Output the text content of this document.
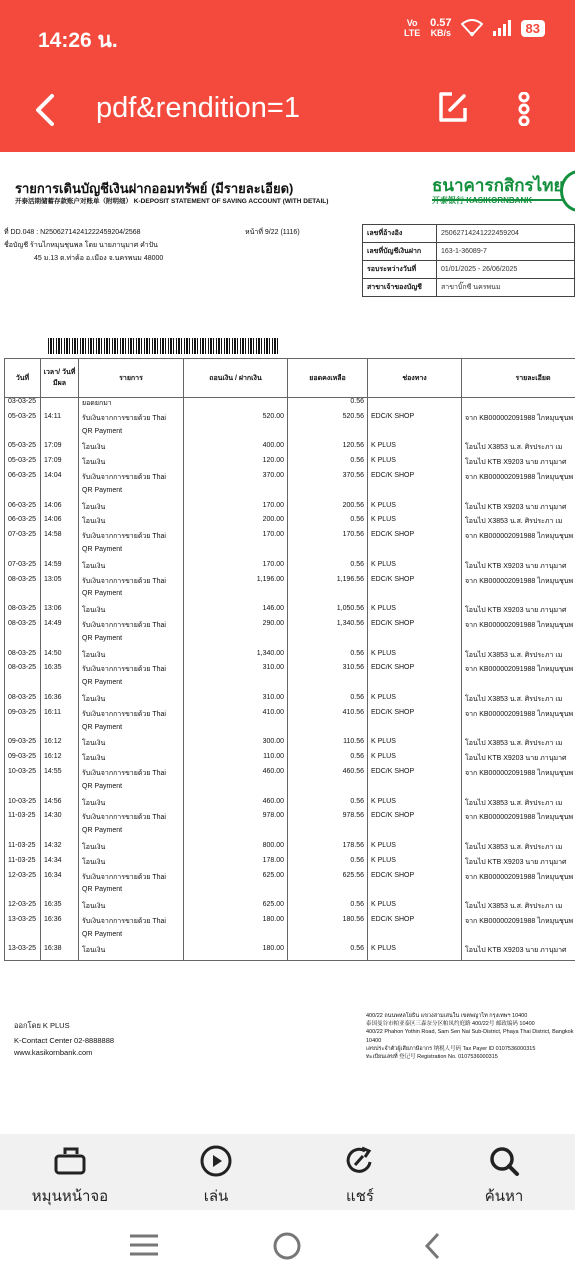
14:26 น.
Vo LTE
0.57
KB/s	83
pdf&rendition=1
รายการเดินบัญชีเงินฝากออมทรัพย์ (มีรายละเอียด)
开泰活期储蓄存款账户对账单（附明细） K-DEPOSIT STATEMENT OF SAVING ACCOUNT (WITH DETAIL)
ธนาคารกสิกรไทย
开泰银行 KASIKORNBANK
ที่ DD.048 : N25062714241222459204/2568
ชื่อบัญชี ร้านไกหมุนชุนพล โดย นายภานุมาศ คำปัน
45 ม.13 ต.ท่าค้อ อ.เมือง จ.นครพนม 48000
หน้าที่ 9/22 (1116)	เลขที่อ้างอิง	25062714241222459204
เลขที่บัญชีเงินฝาก	163-1-36089-7
รอบระหว่างวันที่	01/01/2025 - 26/06/2025
สาขาเจ้าของบัญชี	สาขาบิ๊กซี นครพนม
วันที่	เวลา/ วันที่มีผล	รายการ	ถอนเงิน / ฝากเงิน	ยอดคงเหลือ	ช่องทาง	รายละเอียด
03-03-25		ยอดยกมา		0.56		
05-03-25	14:11	รับเงินจากการขายด้วย Thai	520.00	520.56	EDC/K SHOP	จาก KB000002091988 ไกหมุนชุนพ
		QR Payment				
05-03-25	17:09	โอนเงิน	400.00	120.56	K PLUS	โอนไป X3853 น.ส. ศิรประภา เม
05-03-25	17:09	โอนเงิน	120.00	0.56	K PLUS	โอนไป KTB X9203 นาย ภานุมาศ
06-03-25	14:04	รับเงินจากการขายด้วย Thai	370.00	370.56	EDC/K SHOP	จาก KB000002091988 ไกหมุนชุนพ
		QR Payment				
06-03-25	14:06	โอนเงิน	170.00	200.56	K PLUS	โอนไป KTB X9203 นาย ภานุมาศ
06-03-25	14:06	โอนเงิน	200.00	0.56	K PLUS	โอนไป X3853 น.ส. ศิรประภา เม
07-03-25	14:58	รับเงินจากการขายด้วย Thai	170.00	170.56	EDC/K SHOP	จาก KB000002091988 ไกหมุนชุนพ
		QR Payment				
07-03-25	14:59	โอนเงิน	170.00	0.56	K PLUS	โอนไป KTB X9203 นาย ภานุมาศ
08-03-25	13:05	รับเงินจากการขายด้วย Thai	1,196.00	1,196.56	EDC/K SHOP	จาก KB000002091988 ไกหมุนชุนพ
		QR Payment				
08-03-25	13:06	โอนเงิน	146.00	1,050.56	K PLUS	โอนไป KTB X9203 นาย ภานุมาศ
08-03-25	14:49	รับเงินจากการขายด้วย Thai	290.00	1,340.56	EDC/K SHOP	จาก KB000002091988 ไกหมุนชุนพ
		QR Payment				
08-03-25	14:50	โอนเงิน	1,340.00	0.56	K PLUS	โอนไป X3853 น.ส. ศิรประภา เม
08-03-25	16:35	รับเงินจากการขายด้วย Thai	310.00	310.56	EDC/K SHOP	จาก KB000002091988 ไกหมุนชุนพ
		QR Payment				
08-03-25	16:36	โอนเงิน	310.00	0.56	K PLUS	โอนไป X3853 น.ส. ศิรประภา เม
09-03-25	16:11	รับเงินจากการขายด้วย Thai	410.00	410.56	EDC/K SHOP	จาก KB000002091988 ไกหมุนชุนพ
		QR Payment				
09-03-25	16:12	โอนเงิน	300.00	110.56	K PLUS	โอนไป X3853 น.ส. ศิรประภา เม
09-03-25	16:12	โอนเงิน	110.00	0.56	K PLUS	โอนไป KTB X9203 นาย ภานุมาศ
10-03-25	14:55	รับเงินจากการขายด้วย Thai	460.00	460.56	EDC/K SHOP	จาก KB000002091988 ไกหมุนชุนพ
		QR Payment				
10-03-25	14:56	โอนเงิน	460.00	0.56	K PLUS	โอนไป X3853 น.ส. ศิรประภา เม
11-03-25	14:30	รับเงินจากการขายด้วย Thai	978.00	978.56	EDC/K SHOP	จาก KB000002091988 ไกหมุนชุนพ
		QR Payment				
11-03-25	14:32	โอนเงิน	800.00	178.56	K PLUS	โอนไป X3853 น.ส. ศิรประภา เม
11-03-25	14:34	โอนเงิน	178.00	0.56	K PLUS	โอนไป KTB X9203 นาย ภานุมาศ
12-03-25	16:34	รับเงินจากการขายด้วย Thai	625.00	625.56	EDC/K SHOP	จาก KB000002091988 ไกหมุนชุนพ
		QR Payment				
12-03-25	16:35	โอนเงิน	625.00	0.56	K PLUS	โอนไป X3853 น.ส. ศิรประภา เม
13-03-25	16:36	รับเงินจากการขายด้วย Thai	180.00	180.56	EDC/K SHOP	จาก KB000002091988 ไกหมุนชุนพ
		QR Payment				
13-03-25	16:38	โอนเงิน	180.00	0.56	K PLUS	โอนไป KTB X9203 นาย ภานุมาศ
ออกโดย K PLUS
K-Contact Center 02-8888888
www.kasikornbank.com
400/22 ถนนพหลโยธิน แขวงสามเสนใน เขตพญาไท กรุงเทพฯ 10400
泰国曼谷市帕亚泰区三森奈分区帕凤约庭路 400/22号 邮政编码 10400
400/22 Phahon Yothin Road, Sam Sen Nai Sub-District, Phaya Thai District, Bangkok 10400
เลขประจำตัวผู้เสียภาษีอากร 纳税人号码 Tax Payer ID 0107536000315
ทะเบียนเลขที่ 登记号 Registration No. 0107536000315
หมุนหน้าจอ	เล่น	แชร์	ค้นหา
